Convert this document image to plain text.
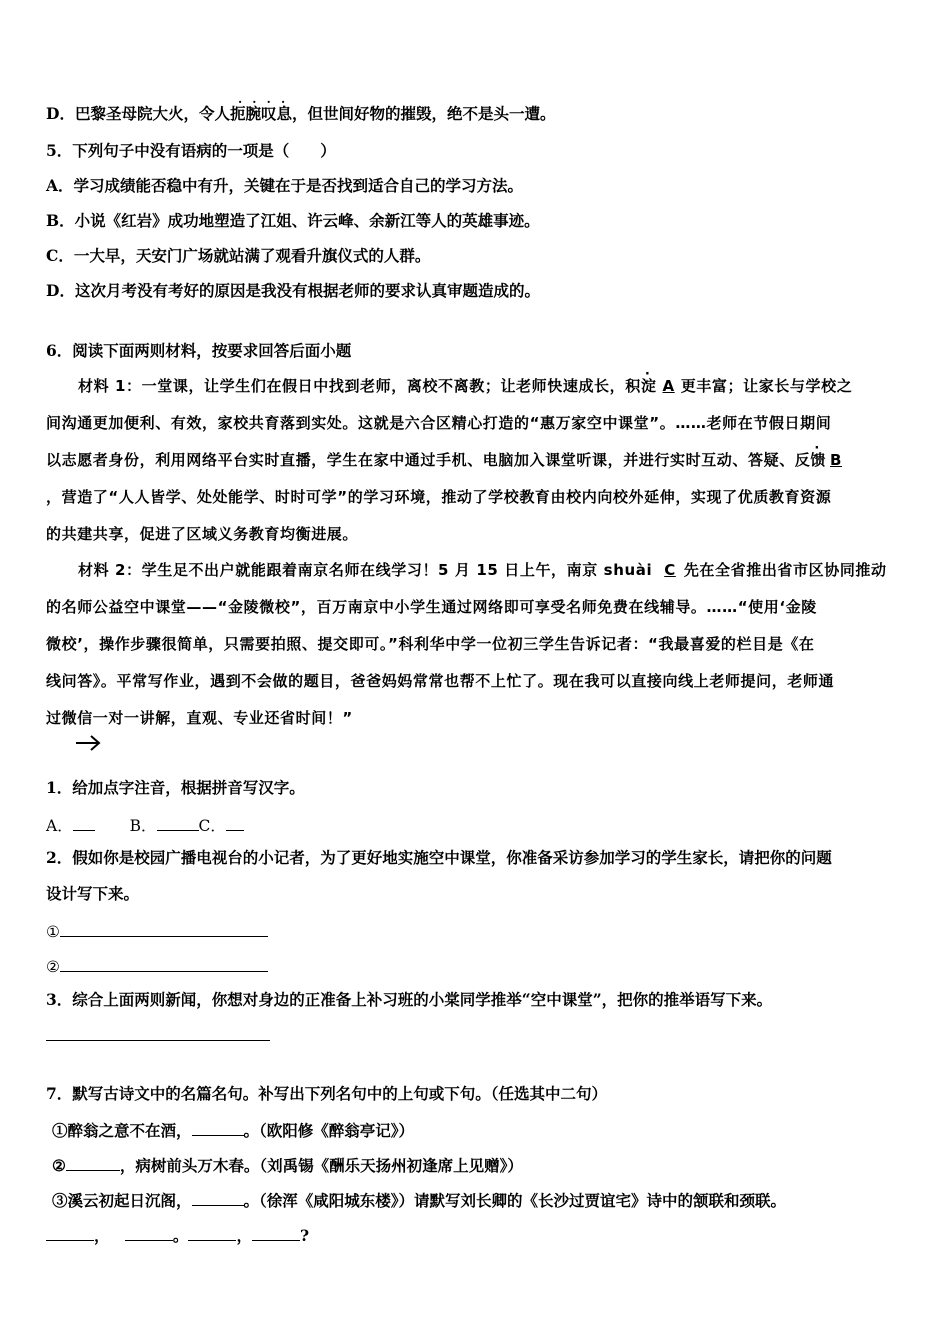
D．巴黎圣母院大火，令人· · · · 扼腕叹息，但世间好物的摧毁，绝不是头一遭。
5．下列句子中没有语病的一项是（　　）
A．学习成绩能否稳中有升，关键在于是否找到适合自己的学习方法。
B．小说《红岩》成功地塑造了江姐、许云峰、余新江等人的英雄事迹。
C．一大早，天安门广场就站满了观看升旗仪式的人群。
D．这次月考没有考好的原因是我没有根据老师的要求认真审题造成的。
6．阅读下面两则材料，按要求回答后面小题
材料 1：一堂课，让学生们在假日中找到老师，离校不离教；让老师快速成长，积淀 A 更丰富；让家长与学校之
间沟通更加便利、有效，家校共育落到实处。这就是六合区精心打造的“惠万家空中课堂”。……老师在节假日期间
以志愿者身份，利用网络平台实时直播，学生在家中通过手机、电脑加入课堂听课，并进行实时互动、答疑、反馈 B
，营造了“人人皆学、处处能学、时时可学”的学习环境，推动了学校教育由校内向校外延伸，实现了优质教育资源
的共建共享，促进了区域义务教育均衡进展。
材料 2：学生足不出户就能跟着南京名师在线学习！5 月 15 日上午，南京 shuài C 先在全省推出省市区协同推动
的名师公益空中课堂——“金陵微校”，百万南京中小学生通过网络即可享受名师免费在线辅导。……“使用‘金陵
微校’，操作步骤很简单，只需要拍照、提交即可。”科利华中学一位初三学生告诉记者：“我最喜爱的栏目是《在
线问答》。平常写作业，遇到不会做的题目，爸爸妈妈常常也帮不上忙了。现在我可以直接向线上老师提问，老师通
过微信一对一讲解，直观、专业还省时间！”
1．给加点字注音，根据拼音写汉字。
A．	B．	C．
2．假如你是校园广播电视台的小记者，为了更好地实施空中课堂，你准备采访参加学习的学生家长，请把你的问题
设计写下来。
①
②
3．综合上面两则新闻，你想对身边的正准备上补习班的小棠同学推举“空中课堂”，把你的推举语写下来。
7．默写古诗文中的名篇名句。补写出下列名句中的上句或下句。（任选其中二句）
①醉翁之意不在酒，	。（欧阳修《醉翁亭记》）
②	，病树前头万木春。（刘禹锡《酬乐天扬州初逢席上见赠》）
③溪云初起日沉阁，	。（徐浑《咸阳城东楼》）请默写刘长卿的《长沙过贾谊宅》诗中的颔联和颈联。
，	。	，	?
